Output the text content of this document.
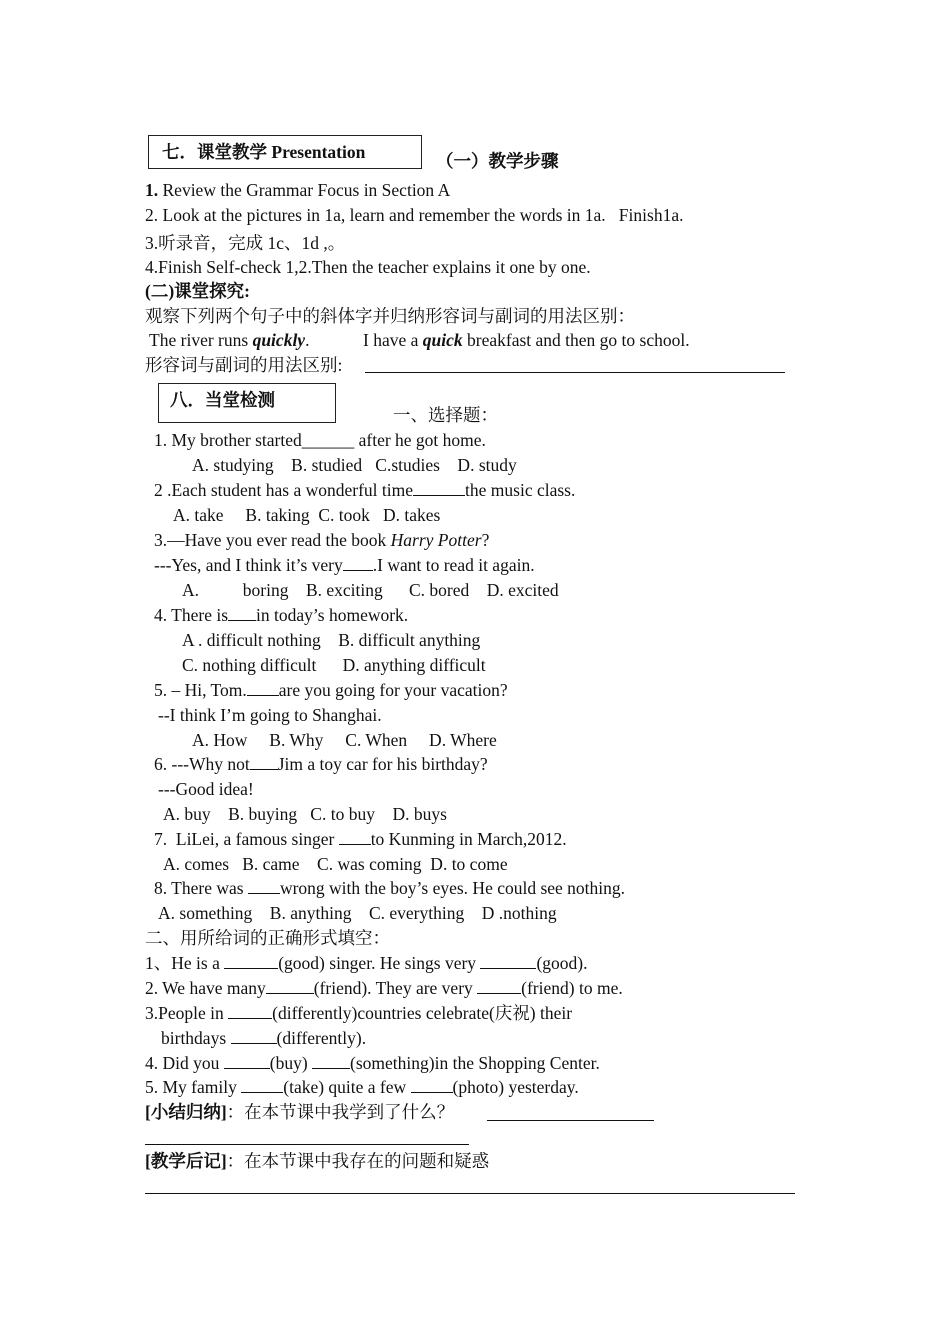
七．课堂教学 Presentation	（一）教学步骤
1. Review the Grammar Focus in Section A
2. Look at the pictures in 1a, learn and remember the words in 1a.   Finish1a.
3.听录音，完成 1c、1d ,。
4.Finish Self-check 1,2.Then the teacher explains it one by one.
(二)课堂探究:
观察下列两个句子中的斜体字并归纳形容词与副词的用法区别：
The river runs quickly.	I have a quick breakfast and then go to school.
形容词与副词的用法区别:
八．当堂检测
一、选择题：
1. My brother started______ after he got home.
A. studying    B. studied   C.studies    D. study
2 .Each student has a wonderful time	the music class.
A. take     B. taking  C. took   D. takes
3.—Have you ever read the book Harry Potter?
---Yes, and I think it’s very .I want to read it again.
A.          boring    B. exciting      C. bored    D. excited
4. There is in today’s homework.
A . difficult nothing    B. difficult anything
C. nothing difficult      D. anything difficult
5. – Hi, Tom. are you going for your vacation?
--I think I’m going to Shanghai.
A. How     B. Why     C. When     D. Where
6. ---Why not Jim a toy car for his birthday?
---Good idea!
A. buy    B. buying   C. to buy    D. buys
7.  LiLei, a famous singer to Kunming in March,2012.
A. comes   B. came    C. was coming  D. to come
8. There was wrong with the boy’s eyes. He could see nothing.
A. something    B. anything    C. everything    D .nothing
二、用所给词的正确形式填空：
1、He is a	(good) singer. He sings very	(good).
2. We have many	(friend). They are very	(friend) to me.
3.People in	(differently)countries celebrate(庆祝) their
birthdays	(differently).
4. Did you	(buy) (something)in the Shopping Center.
5. My family (take) quite a few (photo) yesterday.
[小结归纳]：在本节课中我学到了什么？
[教学后记]：在本节课中我存在的问题和疑惑
